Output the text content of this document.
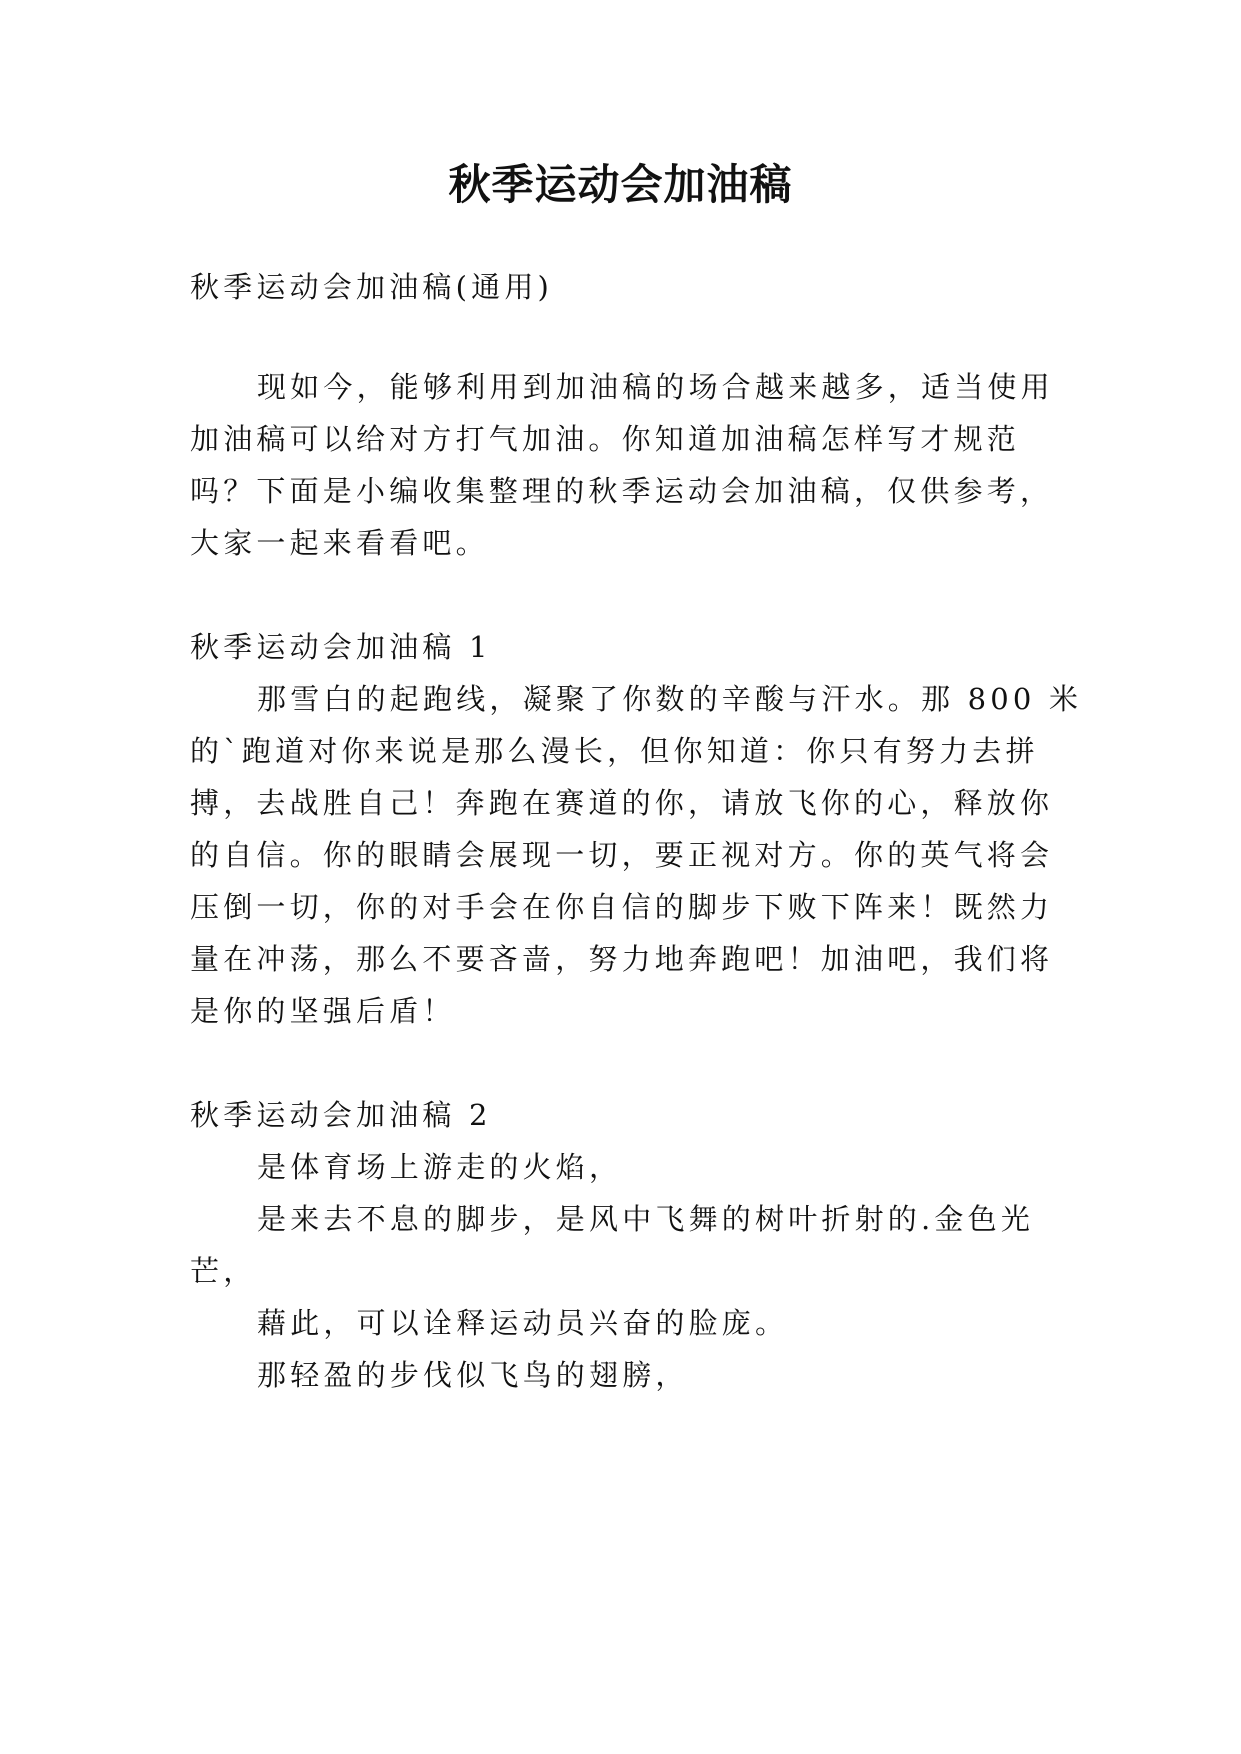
秋季运动会加油稿
秋季运动会加油稿(通用)
现如今，能够利用到加油稿的场合越来越多，适当使用
加油稿可以给对方打气加油。你知道加油稿怎样写才规范
吗？下面是小编收集整理的秋季运动会加油稿，仅供参考，
大家一起来看看吧。
秋季运动会加油稿 1
那雪白的起跑线，凝聚了你数的辛酸与汗水。那 800 米
的`跑道对你来说是那么漫长，但你知道：你只有努力去拼
搏，去战胜自己！奔跑在赛道的你，请放飞你的心，释放你
的自信。你的眼睛会展现一切，要正视对方。你的英气将会
压倒一切，你的对手会在你自信的脚步下败下阵来！既然力
量在冲荡，那么不要吝啬，努力地奔跑吧！加油吧，我们将
是你的坚强后盾！
秋季运动会加油稿 2
是体育场上游走的火焰，
是来去不息的脚步，是风中飞舞的树叶折射的.金色光
芒，
藉此，可以诠释运动员兴奋的脸庞。
那轻盈的步伐似飞鸟的翅膀，
